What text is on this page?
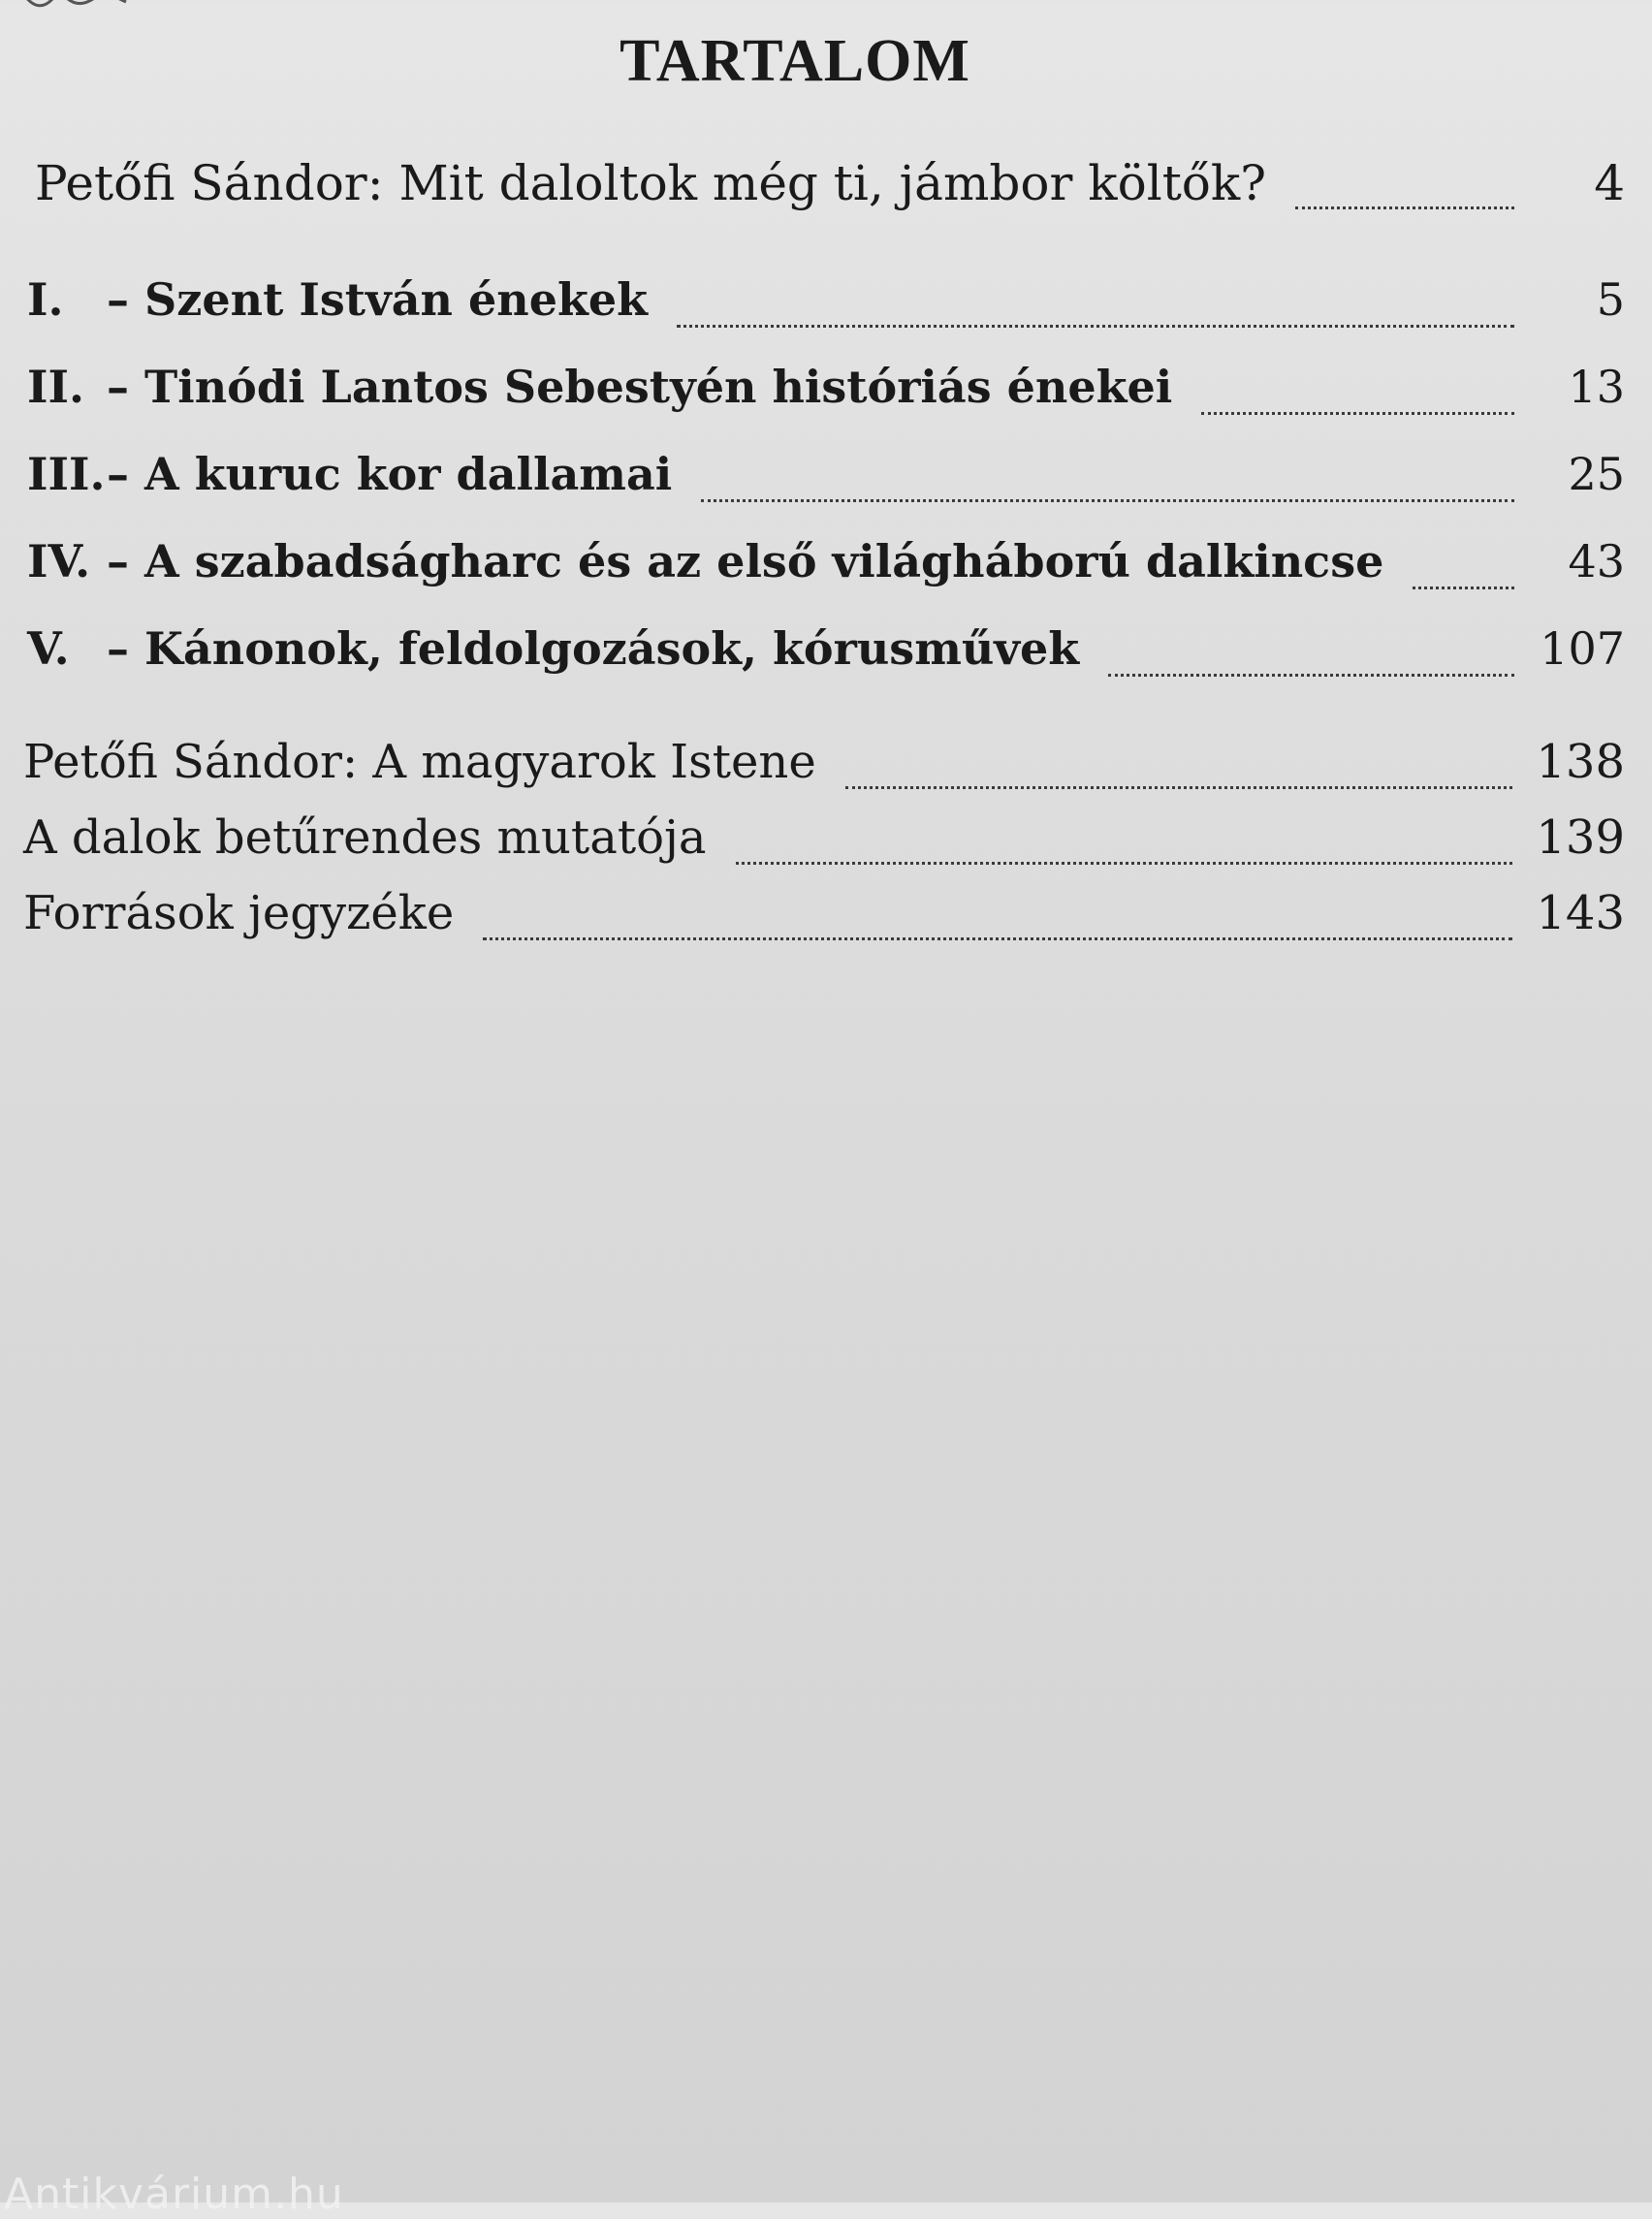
TARTALOM
Petőfi Sándor: Mit daloltok még ti, jámbor költők?	4
I. – Szent István énekek	5
II. – Tinódi Lantos Sebestyén históriás énekei	13
III. – A kuruc kor dallamai	25
IV. – A szabadságharc és az első világháború dalkincse	43
V. – Kánonok, feldolgozások, kórusművek	107
Petőfi Sándor: A magyarok Istene	138
A dalok betűrendes mutatója	139
Források jegyzéke	143
Antikvárium.hu
